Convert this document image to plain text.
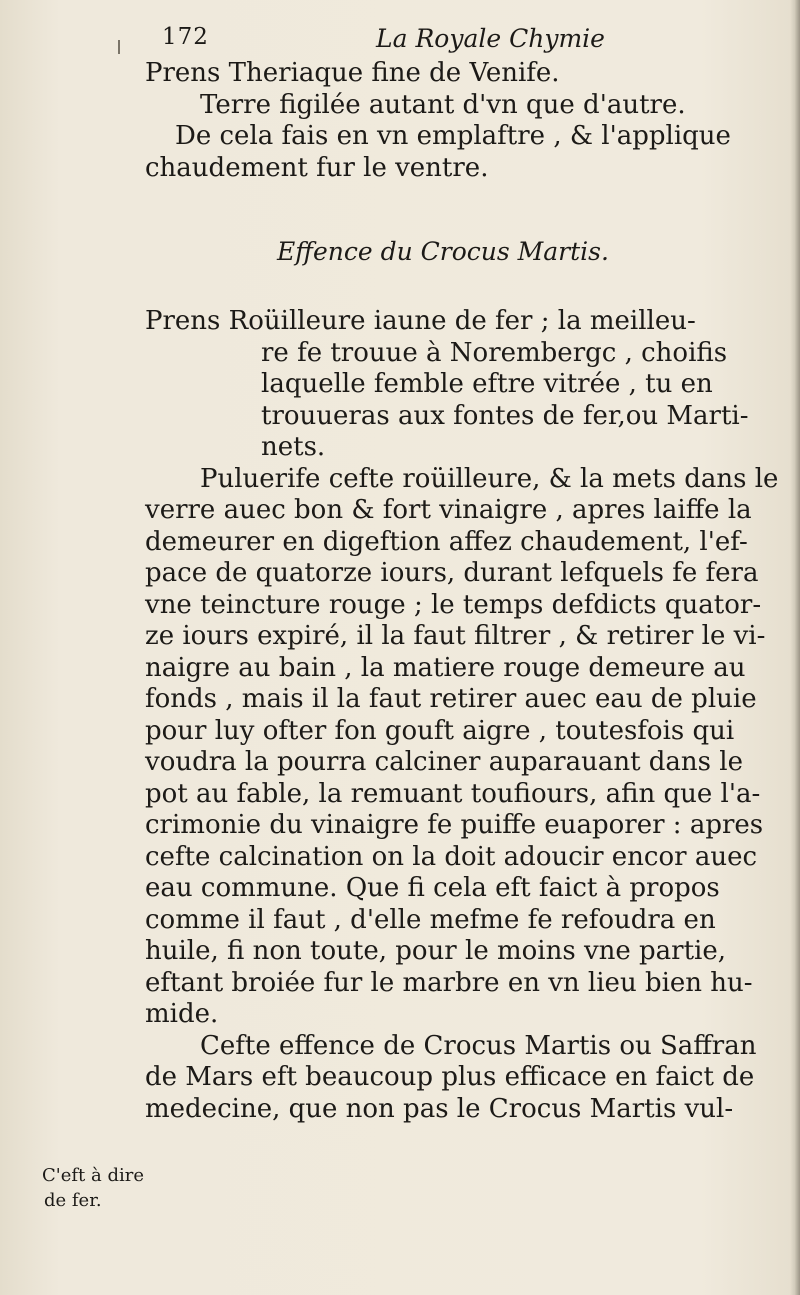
172	La Royale Chymie
Prens Theriaque fine de Venife.
Terre figilée autant d'vn que d'autre.
De cela fais en vn emplaftre , & l'applique
chaudement fur le ventre.
Effence du Crocus Martis.
Prens Roüilleure iaune de fer ; la meilleu-
re fe trouue à Norembergc , choifis
laquelle femble eftre vitrée , tu en
trouueras aux fontes de fer,ou Marti-
nets.
Puluerife cefte roüilleure, & la mets dans le
verre auec bon & fort vinaigre , apres laiffe la
demeurer en digeftion affez chaudement, l'ef-
pace de quatorze iours, durant lefquels fe fera
vne teincture rouge ; le temps defdicts quator-
ze iours expiré, il la faut filtrer , & retirer le vi-
naigre au bain , la matiere rouge demeure au
fonds , mais il la faut retirer auec eau de pluie
pour luy ofter fon gouft aigre , toutesfois qui
voudra la pourra calciner auparauant dans le
pot au fable, la remuant toufiours, afin que l'a-
crimonie du vinaigre fe puiffe euaporer : apres
cefte calcination on la doit adoucir encor auec
eau commune. Que fi cela eft faict à propos
comme il faut , d'elle mefme fe refoudra en
huile, fi non toute, pour le moins vne partie,
eftant broiée fur le marbre en vn lieu bien hu-
mide.
Cefte effence de Crocus Martis ou Saffran
de Mars eft beaucoup plus efficace en faict de
medecine, que non pas le Crocus Martis vul-
C'eft à dire
de fer.
